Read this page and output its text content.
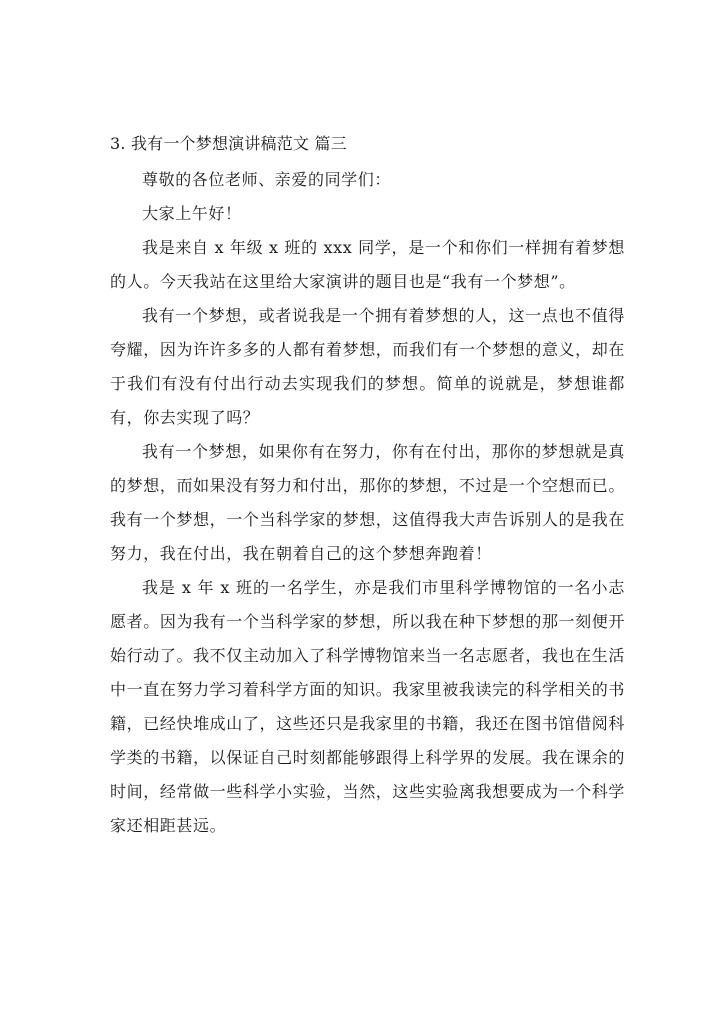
3. 我有一个梦想演讲稿范文 篇三

尊敬的各位老师、亲爱的同学们：

大家上午好！

我是来自 x 年级 x 班的 xxx 同学，是一个和你们一样拥有着梦想的人。今天我站在这里给大家演讲的题目也是“我有一个梦想”。

我有一个梦想，或者说我是一个拥有着梦想的人，这一点也不值得夸耀，因为许许多多的人都有着梦想，而我们有一个梦想的意义，却在于我们有没有付出行动去实现我们的梦想。简单的说就是，梦想谁都有，你去实现了吗？

我有一个梦想，如果你有在努力，你有在付出，那你的梦想就是真的梦想，而如果没有努力和付出，那你的梦想，不过是一个空想而已。我有一个梦想，一个当科学家的梦想，这值得我大声告诉别人的是我在努力，我在付出，我在朝着自己的这个梦想奔跑着！

我是 x 年 x 班的一名学生，亦是我们市里科学博物馆的一名小志愿者。因为我有一个当科学家的梦想，所以我在种下梦想的那一刻便开始行动了。我不仅主动加入了科学博物馆来当一名志愿者，我也在生活中一直在努力学习着科学方面的知识。我家里被我读完的科学相关的书籍，已经快堆成山了，这些还只是我家里的书籍，我还在图书馆借阅科学类的书籍，以保证自己时刻都能够跟得上科学界的发展。我在课余的时间，经常做一些科学小实验，当然，这些实验离我想要成为一个科学家还相距甚远。
